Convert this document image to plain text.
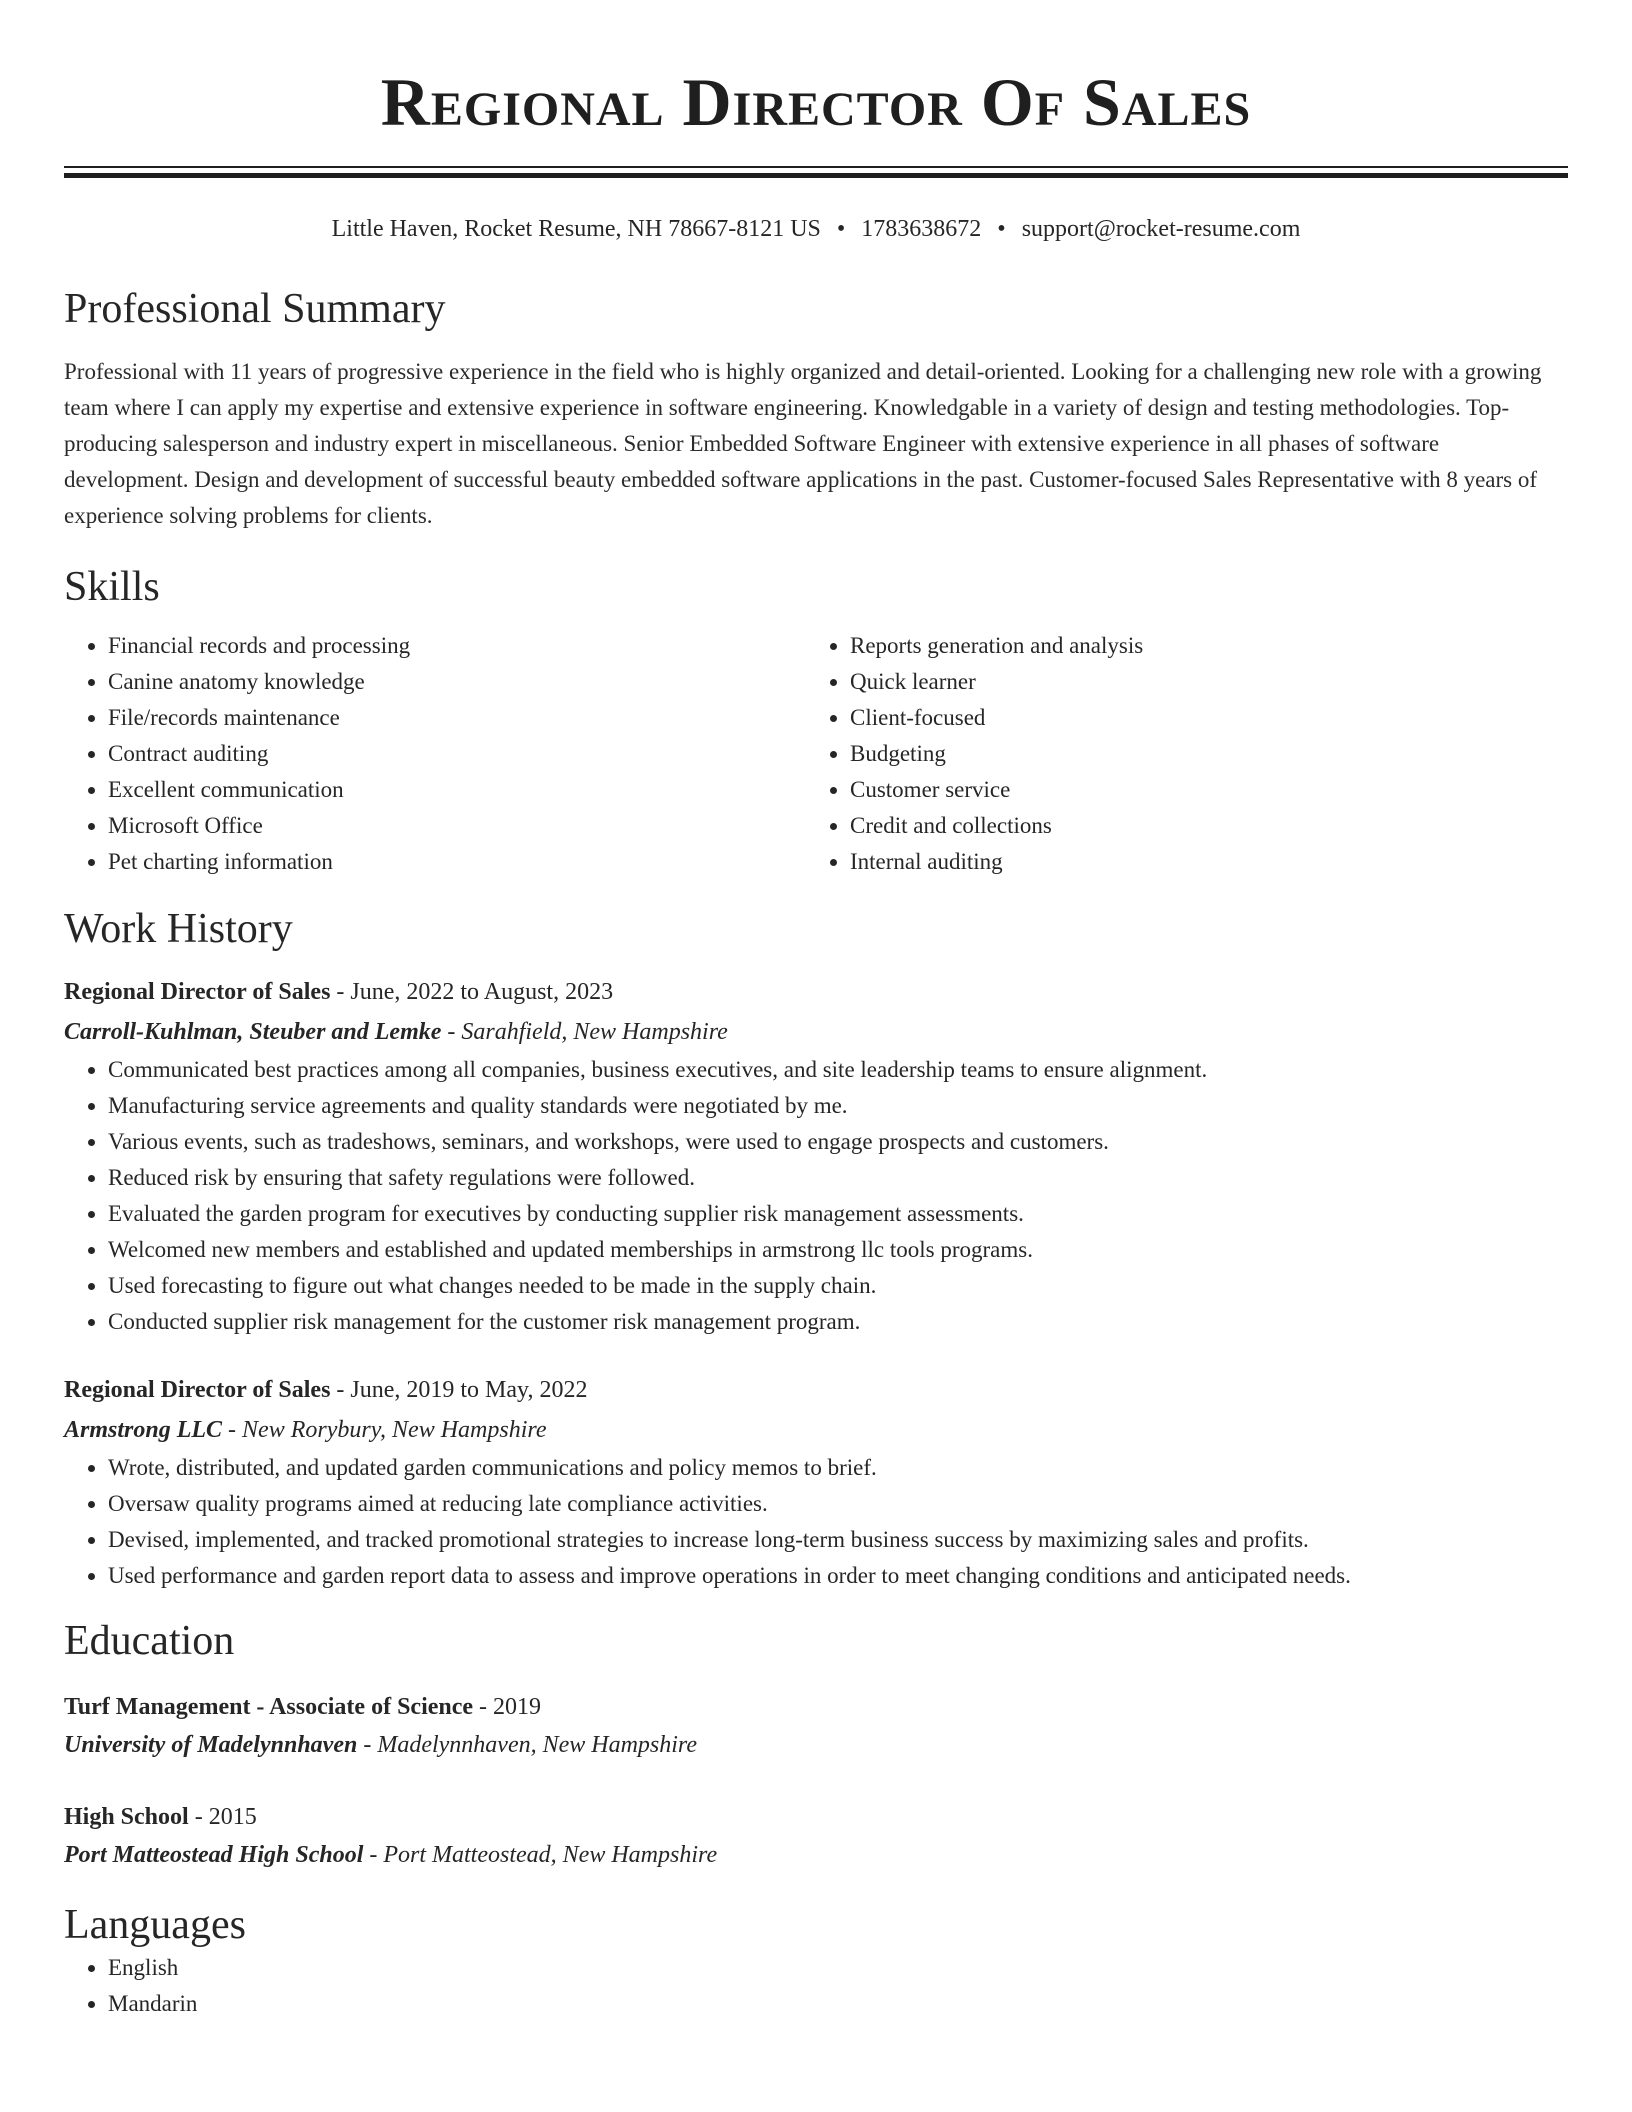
Regional Director Of Sales
Little Haven, Rocket Resume, NH 78667-8121 US • 1783638672 • support@rocket-resume.com
Professional Summary

Professional with 11 years of progressive experience in the field who is highly organized and detail-oriented. Looking for a challenging new role with a growing team where I can apply my expertise and extensive experience in software engineering. Knowledgable in a variety of design and testing methodologies. Top-producing salesperson and industry expert in miscellaneous. Senior Embedded Software Engineer with extensive experience in all phases of software development. Design and development of successful beauty embedded software applications in the past. Customer-focused Sales Representative with 8 years of experience solving problems for clients.

Skills
• Financial records and processing
• Canine anatomy knowledge
• File/records maintenance
• Contract auditing
• Excellent communication
• Microsoft Office
• Pet charting information
• Reports generation and analysis
• Quick learner
• Client-focused
• Budgeting
• Customer service
• Credit and collections
• Internal auditing
Work History
Regional Director of Sales - June, 2022 to August, 2023
Carroll-Kuhlman, Steuber and Lemke - Sarahfield, New Hampshire
• Communicated best practices among all companies, business executives, and site leadership teams to ensure alignment.
• Manufacturing service agreements and quality standards were negotiated by me.
• Various events, such as tradeshows, seminars, and workshops, were used to engage prospects and customers.
• Reduced risk by ensuring that safety regulations were followed.
• Evaluated the garden program for executives by conducting supplier risk management assessments.
• Welcomed new members and established and updated memberships in armstrong llc tools programs.
• Used forecasting to figure out what changes needed to be made in the supply chain.
• Conducted supplier risk management for the customer risk management program.
Regional Director of Sales - June, 2019 to May, 2022
Armstrong LLC - New Rorybury, New Hampshire
• Wrote, distributed, and updated garden communications and policy memos to brief.
• Oversaw quality programs aimed at reducing late compliance activities.
• Devised, implemented, and tracked promotional strategies to increase long-term business success by maximizing sales and profits.
• Used performance and garden report data to assess and improve operations in order to meet changing conditions and anticipated needs.
Education
Turf Management - Associate of Science - 2019
University of Madelynnhaven - Madelynnhaven, New Hampshire
High School - 2015
Port Matteostead High School - Port Matteostead, New Hampshire
Languages
• English
• Mandarin
